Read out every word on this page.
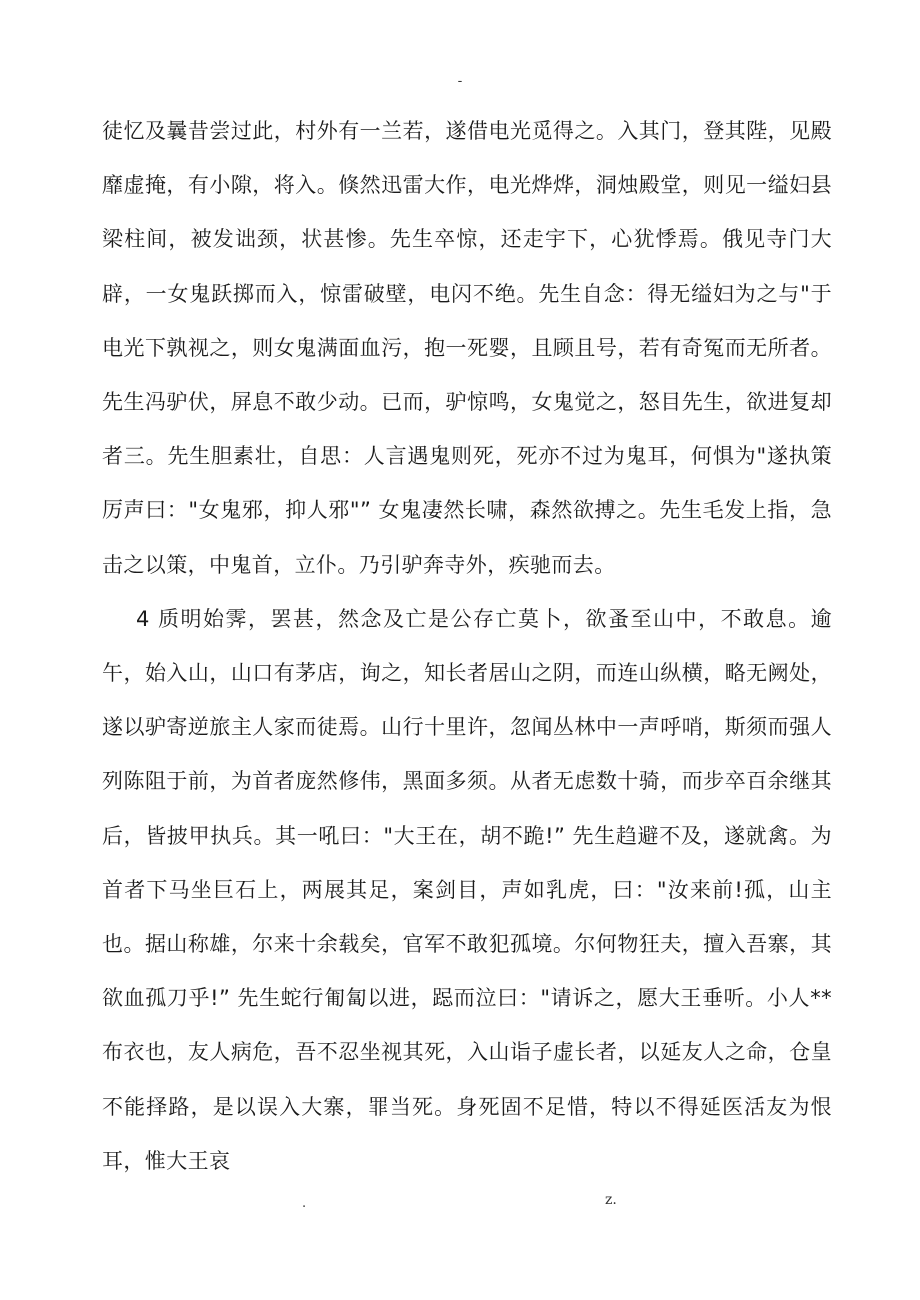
-

徒忆及曩昔尝过此，村外有一兰若，遂借电光觅得之。入其门，登其陛，见殿靡虚掩，有小隙，将入。倏然迅雷大作，电光烨烨，洞烛殿堂，则见一缢妇县梁柱间，被发诎颈，状甚惨。先生卒惊，还走宇下，心犹悸焉。俄见寺门大辟，一女鬼跃掷而入，惊雷破壁，电闪不绝。先生自念：得无缢妇为之与"于电光下孰视之，则女鬼满面血污，抱一死婴，且顾且号，若有奇冤而无所者。先生冯驴伏，屏息不敢少动。已而，驴惊鸣，女鬼觉之，怒目先生，欲进复却者三。先生胆素壮，自思：人言遇鬼则死，死亦不过为鬼耳，何惧为"遂执策厉声曰："女鬼邪，抑人邪"” 女鬼凄然长啸，森然欲搏之。先生毛发上指，急击之以策，中鬼首，立仆。乃引驴奔寺外，疾驰而去。

4 质明始霁，罢甚，然念及亡是公存亡莫卜，欲蚤至山中，不敢息。逾午，始入山，山口有茅店，询之，知长者居山之阴，而连山纵横，略无阙处，遂以驴寄逆旅主人家而徒焉。山行十里许，忽闻丛林中一声呼哨，斯须而强人列陈阻于前，为首者庞然修伟，黑面多须。从者无虑数十骑，而步卒百余继其后，皆披甲执兵。其一吼曰："大王在，胡不跪!” 先生趋避不及，遂就禽。为首者下马坐巨石上，两展其足，案剑目，声如乳虎，曰："汝来前!孤，山主也。据山称雄，尔来十余载矣，官军不敢犯孤境。尔何物狂夫，擅入吾寨，其欲血孤刀乎!” 先生蛇行匍匐以进，跽而泣曰："请诉之，愿大王垂听。小人**布衣也，友人病危，吾不忍坐视其死，入山诣子虚长者，以延友人之命，仓皇不能择路，是以误入大寨，罪当死。身死固不足惜，特以不得延医活友为恨耳，惟大王哀

.	z.
